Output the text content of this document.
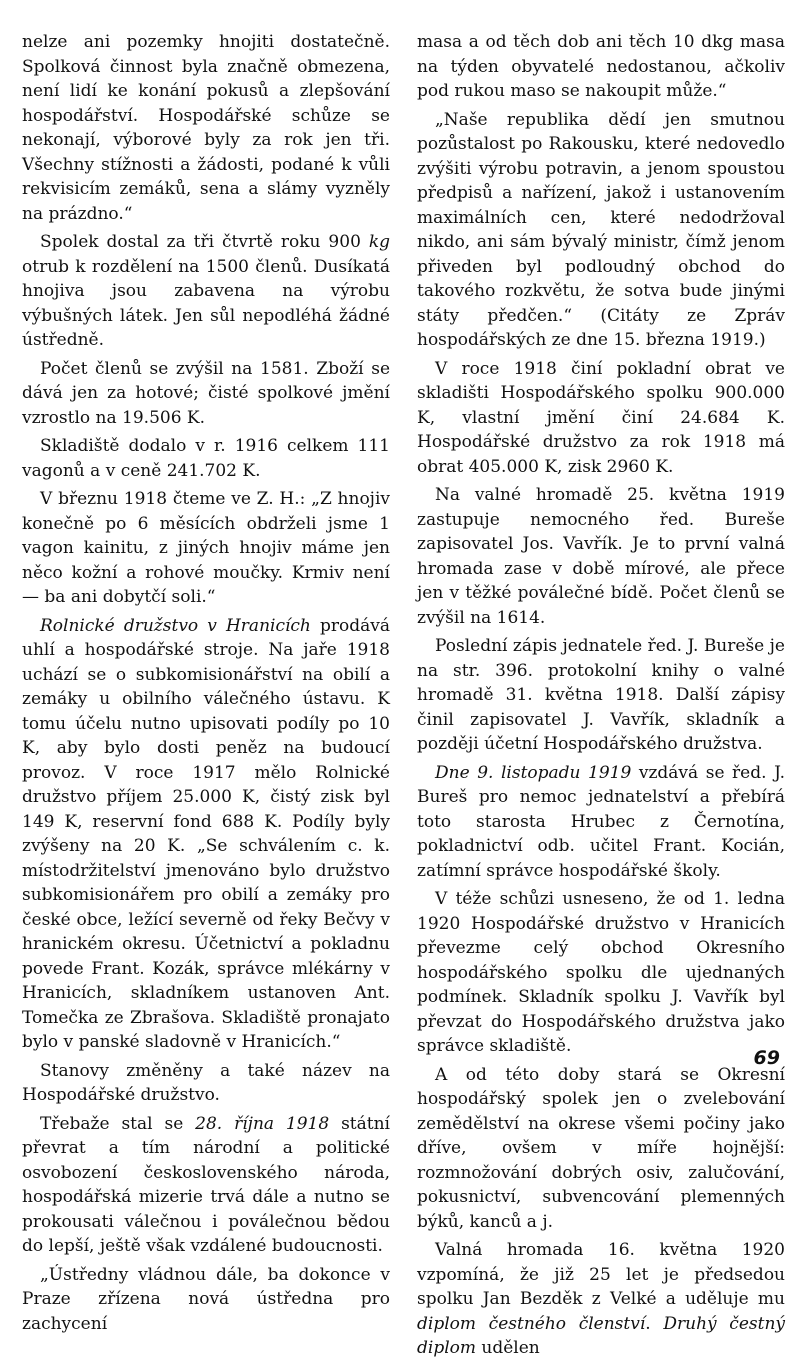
nelze ani pozemky hnojiti dostatečně. Spolková činnost byla značně obmezena, není lidí ke konání pokusů a zlepšování hospodářství. Hospodářské schůze se nekonají, výborové byly za rok jen tři. Všechny stížnosti a žádosti, podané k vůli rekvisicím zemáků, sena a slámy vyzněly na prázdno.“

Spolek dostal za tři čtvrtě roku 900 kg otrub k rozdělení na 1500 členů. Dusíkatá hnojiva jsou zabavena na výrobu výbušných látek. Jen sůl nepodléhá žádné ústředně.

Počet členů se zvýšil na 1581. Zboží se dává jen za hotové; čisté spolkové jmění vzrostlo na 19.506 K.

Skladiště dodalo v r. 1916 celkem 111 vagonů a v ceně 241.702 K.

V březnu 1918 čteme ve Z. H.: „Z hnojiv konečně po 6 měsících obdrželi jsme 1 vagon kainitu, z jiných hnojiv máme jen něco kožní a rohové moučky. Krmiv není — ba ani dobytčí soli.“

Rolnické družstvo v Hranicích prodává uhlí a hospodářské stroje. Na jaře 1918 uchází se o subkomisionářství na obilí a zemáky u obilního válečného ústavu. K tomu účelu nutno upisovati podíly po 10 K, aby bylo dosti peněz na budoucí provoz. V roce 1917 mělo Rolnické družstvo příjem 25.000 K, čistý zisk byl 149 K, reservní fond 688 K. Podíly byly zvýšeny na 20 K. „Se schválením c. k. místodržitelství jmenováno bylo družstvo subkomisionářem pro obilí a zemáky pro české obce, ležící severně od řeky Bečvy v hranickém okresu. Účetnictví a pokladnu povede Frant. Kozák, správce mlékárny v Hranicích, skladníkem ustanoven Ant. Tomečka ze Zbrašova. Skladiště pronajato bylo v panské sladovně v Hranicích.“

Stanovy změněny a také název na Hospodářské družstvo.

Třebaže stal se 28. října 1918 státní převrat a tím národní a politické osvobození československého národa, hospodářská mizerie trvá dále a nutno se prokousati válečnou i poválečnou bědou do lepší, ještě však vzdálené budoucnosti.

„Ústředny vládnou dále, ba dokonce v Praze zřízena nová ústředna pro zachycení

masa a od těch dob ani těch 10 dkg masa na týden obyvatelé nedostanou, ačkoliv pod rukou maso se nakoupit může.“

„Naše republika dědí jen smutnou pozůstalost po Rakousku, které nedovedlo zvýšiti výrobu potravin, a jenom spoustou předpisů a nařízení, jakož i ustanovením maximálních cen, které nedodržoval nikdo, ani sám bývalý ministr, čímž jenom přiveden byl podloudný obchod do takového rozkvětu, že sotva bude jinými státy předčen.“ (Citáty ze Zpráv hospodářských ze dne 15. března 1919.)

V roce 1918 činí pokladní obrat ve skladišti Hospodářského spolku 900.000 K, vlastní jmění činí 24.684 K. Hospodářské družstvo za rok 1918 má obrat 405.000 K, zisk 2960 K.

Na valné hromadě 25. května 1919 zastupuje nemocného řed. Bureše zapisovatel Jos. Vavřík. Je to první valná hromada zase v době mírové, ale přece jen v těžké poválečné bídě. Počet členů se zvýšil na 1614.

Poslední zápis jednatele řed. J. Bureše je na str. 396. protokolní knihy o valné hromadě 31. května 1918. Další zápisy činil zapisovatel J. Vavřík, skladník a později účetní Hospodářského družstva.

Dne 9. listopadu 1919 vzdává se řed. J. Bureš pro nemoc jednatelství a přebírá toto starosta Hrubec z Černotína, pokladnictví odb. učitel Frant. Kocián, zatímní správce hospodářské školy.

V téže schůzi usneseno, že od 1. ledna 1920 Hospodářské družstvo v Hranicích převezme celý obchod Okresního hospodářského spolku dle ujednaných podmínek. Skladník spolku J. Vavřík byl převzat do Hospodářského družstva jako správce skladiště.

A od této doby stará se Okresní hospodářský spolek jen o zvelebování zemědělství na okrese všemi počiny jako dříve, ovšem v míře hojnější: rozmnožování dobrých osiv, zalučování, pokusnictví, subvencování plemenných býků, kanců a j.

Valná hromada 16. května 1920 vzpomíná, že již 25 let je předsedou spolku Jan Bezděk z Velké a uděluje mu diplom čestného členství. Druhý čestný diplom udělen

69
